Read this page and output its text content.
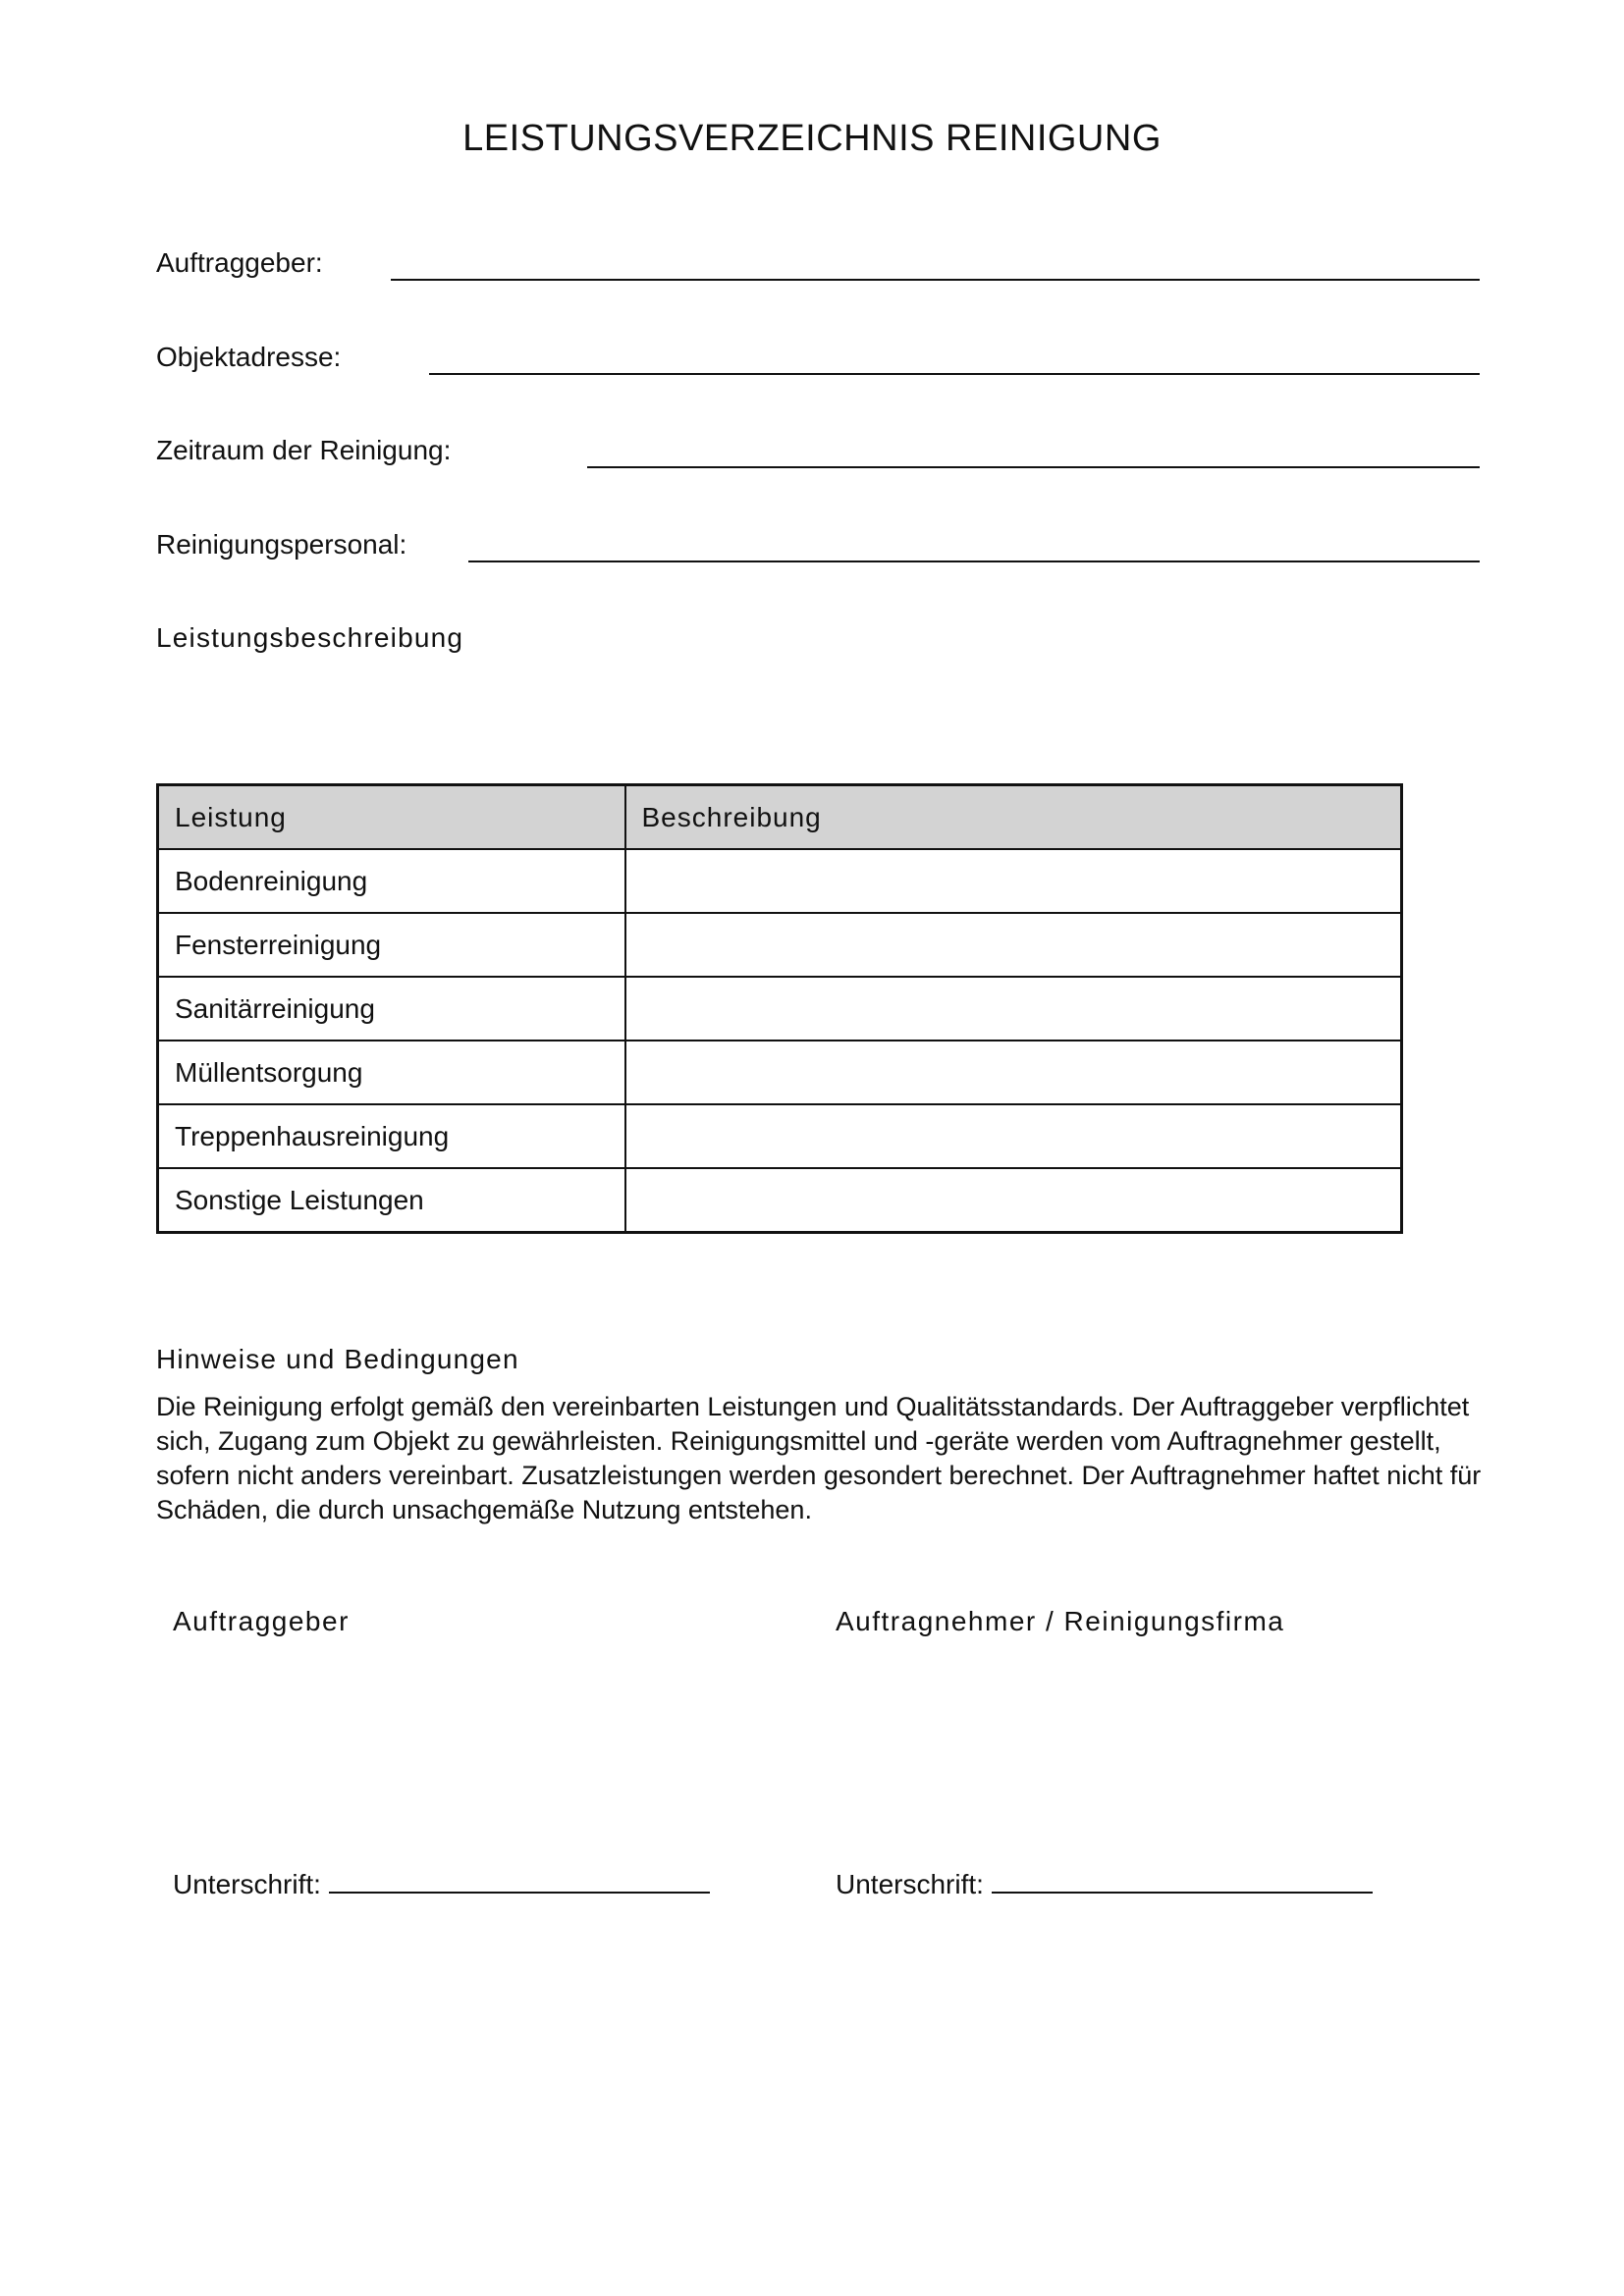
LEISTUNGSVERZEICHNIS REINIGUNG
Auftraggeber:
Objektadresse:
Zeitraum der Reinigung:
Reinigungspersonal:
Leistungsbeschreibung
Leistung	Beschreibung
Bodenreinigung	
Fensterreinigung	
Sanitärreinigung	
Müllentsorgung	
Treppenhausreinigung	
Sonstige Leistungen	
Hinweise und Bedingungen
Die Reinigung erfolgt gemäß den vereinbarten Leistungen und Qualitätsstandards. Der Auftraggeber verpflichtet sich, Zugang zum Objekt zu gewährleisten. Reinigungsmittel und -geräte werden vom Auftragnehmer gestellt, sofern nicht anders vereinbart. Zusatzleistungen werden gesondert berechnet. Der Auftragnehmer haftet nicht für Schäden, die durch unsachgemäße Nutzung entstehen.
Auftraggeber	Auftragnehmer / Reinigungsfirma
Unterschrift:	Unterschrift:
